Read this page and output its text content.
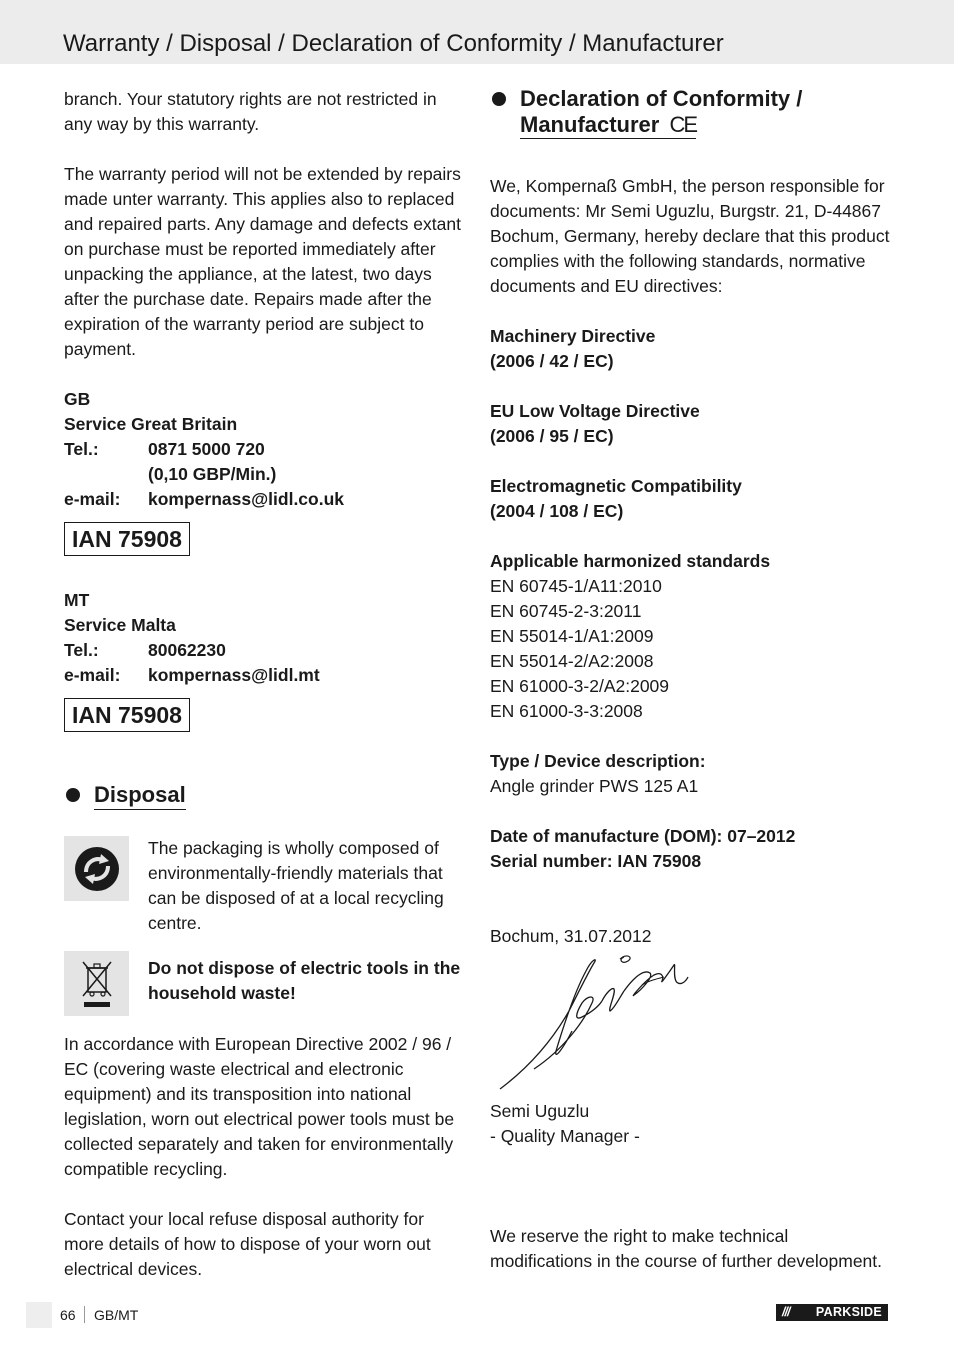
Warranty / Disposal / Declaration of Conformity / Manufacturer

branch. Your statutory rights are not restricted in any way by this warranty.

The warranty period will not be extended by repairs made unter warranty. This applies also to replaced and repaired parts. Any damage and defects extant on purchase must be reported immediately after unpacking the appliance, at the latest, two days after the purchase date. Repairs made after the expiration of the warranty period are subject to payment.

GB
Service Great Britain
Tel.:	0871 5000 720
(0,10 GBP/Min.)
e-mail:	kompernass@lidl.co.uk
IAN 75908
MT
Service Malta
Tel.:	80062230
e-mail:	kompernass@lidl.mt
IAN 75908
Disposal

The packaging is wholly composed of environmentally-friendly materials that can be disposed of at a local recycling centre.

Do not dispose of electric tools in the household waste!

In accordance with European Directive 2002 / 96 / EC (covering waste electrical and electronic equipment) and its transposition into national legislation, worn out electrical power tools must be collected separately and taken for environmentally compatible recycling.

Contact your local refuse disposal authority for more details of how to dispose of your worn out electrical devices.

Declaration of Conformity /
Manufacturer CE

We, Kompernaß GmbH, the person responsible for documents: Mr Semi Uguzlu, Burgstr. 21, D-44867 Bochum, Germany, hereby declare that this product complies with the following standards, normative documents and EU directives:

Machinery Directive
(2006 / 42 / EC)
EU Low Voltage Directive
(2006 / 95 / EC)
Electromagnetic Compatibility
(2004 / 108 / EC)
Applicable harmonized standards
EN 60745-1/A11:2010
EN 60745-2-3:2011
EN 55014-1/A1:2009
EN 55014-2/A2:2008
EN 61000-3-2/A2:2009
EN 61000-3-3:2008
Type / Device description:
Angle grinder PWS 125 A1
Date of manufacture (DOM): 07–2012
Serial number: IAN 75908
Bochum, 31.07.2012
Semi Uguzlu
- Quality Manager -

We reserve the right to make technical modifications in the course of further development.

66 GB/MT	/// PARKSIDE
